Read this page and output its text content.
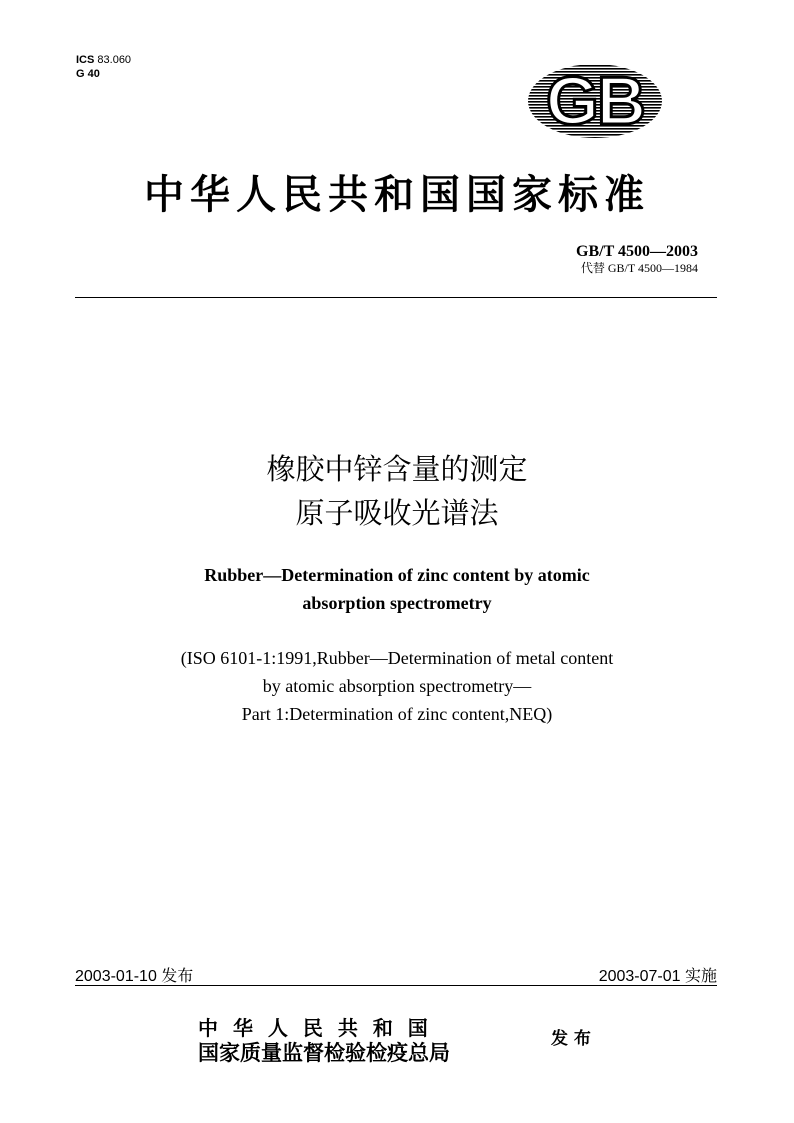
ICS 83.060
G 40	GB
中华人民共和国国家标准
GB/T 4500—2003
代替 GB/T 4500—1984
橡胶中锌含量的测定
原子吸收光谱法
Rubber—Determination of zinc content by atomic
absorption spectrometry
(ISO 6101-1:1991,Rubber—Determination of metal content
by atomic absorption spectrometry—
Part 1:Determination of zinc content,NEQ)
2003-01-10 发布	2003-07-01 实施
中 华 人 民 共 和 国
国家质量监督检验检疫总局
发 布
